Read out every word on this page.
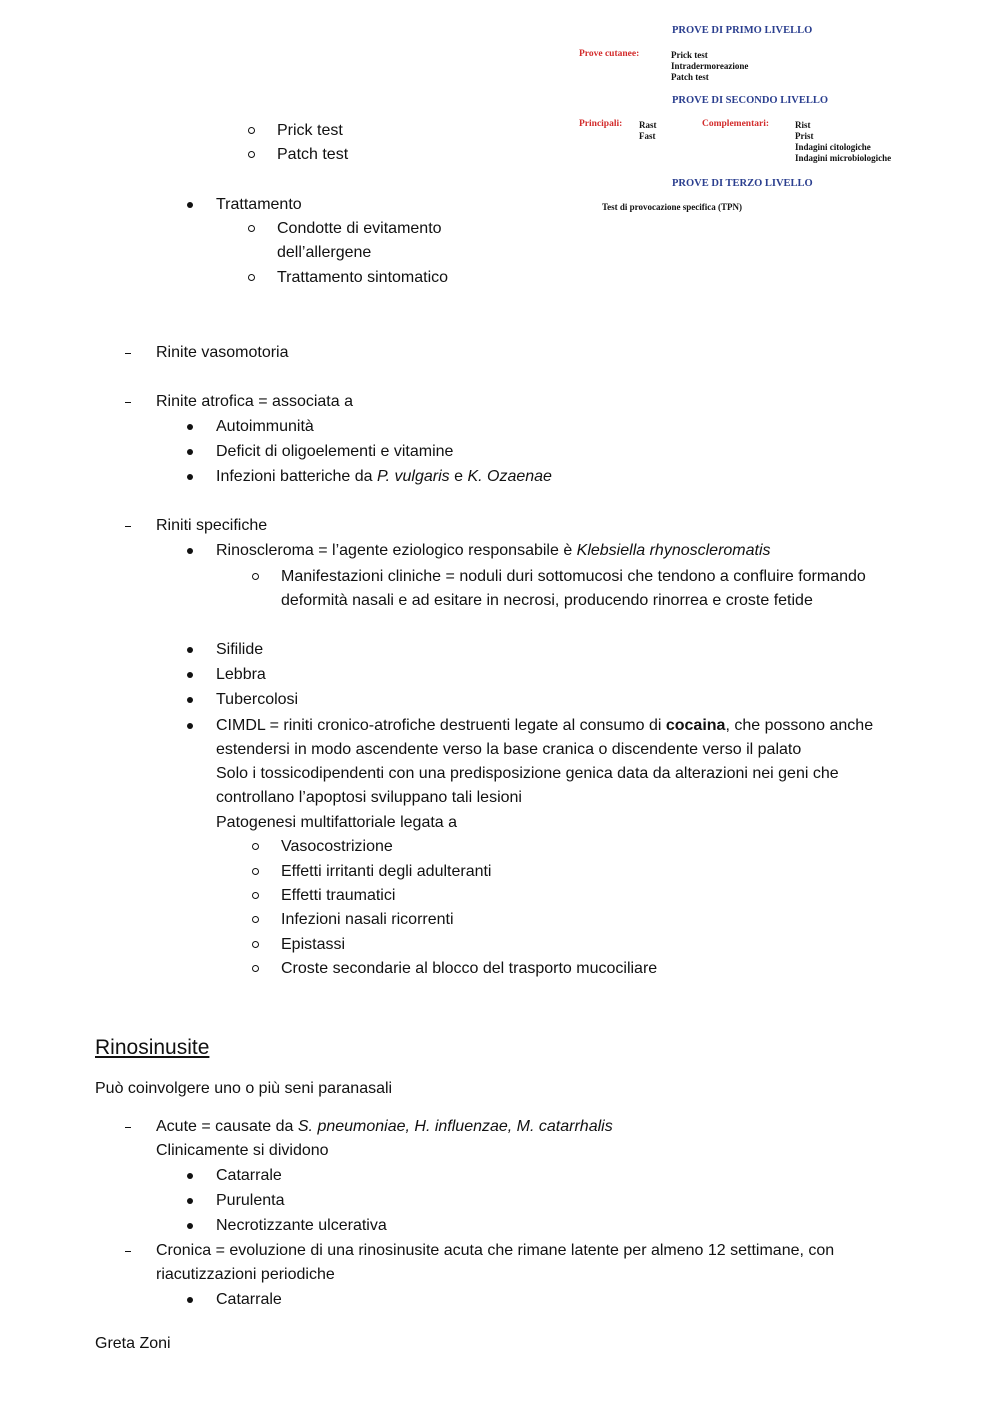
PROVE DI PRIMO LIVELLO
Prove cutanee:	Prick test
Intradermoreazione
Patch test
PROVE DI SECONDO LIVELLO
Principali: Rast
Fast
Complementari:	Rist
Prist
Indagini citologiche
Indagini microbiologiche
PROVE DI TERZO LIVELLO
Test di provocazione specifica (TPN)
Prick test
Patch test
Trattamento
Condotte di evitamento dell’allergene
Trattamento sintomatico
Rinite vasomotoria
Rinite atrofica = associata a
Autoimmunità
Deficit di oligoelementi e vitamine
Infezioni batteriche da P. vulgaris e K. Ozaenae
Riniti specifiche
Rinoscleroma = l’agente eziologico responsabile è Klebsiella rhynoscleromatis
Manifestazioni cliniche = noduli duri sottomucosi che tendono a confluire formando deformità nasali e ad esitare in necrosi, producendo rinorrea e croste fetide
Sifilide
Lebbra
Tubercolosi
CIMDL = riniti cronico-atrofiche destruenti legate al consumo di cocaina, che possono anche estendersi in modo ascendente verso la base cranica o discendente verso il palato
Solo i tossicodipendenti con una predisposizione genica data da alterazioni nei geni che controllano l’apoptosi sviluppano tali lesioni
Patogenesi multifattoriale legata a
Vasocostrizione
Effetti irritanti degli adulteranti
Effetti traumatici
Infezioni nasali ricorrenti
Epistassi
Croste secondarie al blocco del trasporto mucociliare
Rinosinusite
Può coinvolgere uno o più seni paranasali
Acute = causate da S. pneumoniae, H. influenzae, M. catarrhalis
Clinicamente si dividono
Catarrale
Purulenta
Necrotizzante ulcerativa
Cronica = evoluzione di una rinosinusite acuta che rimane latente per almeno 12 settimane, con riacutizzazioni periodiche
Catarrale
Greta Zoni
